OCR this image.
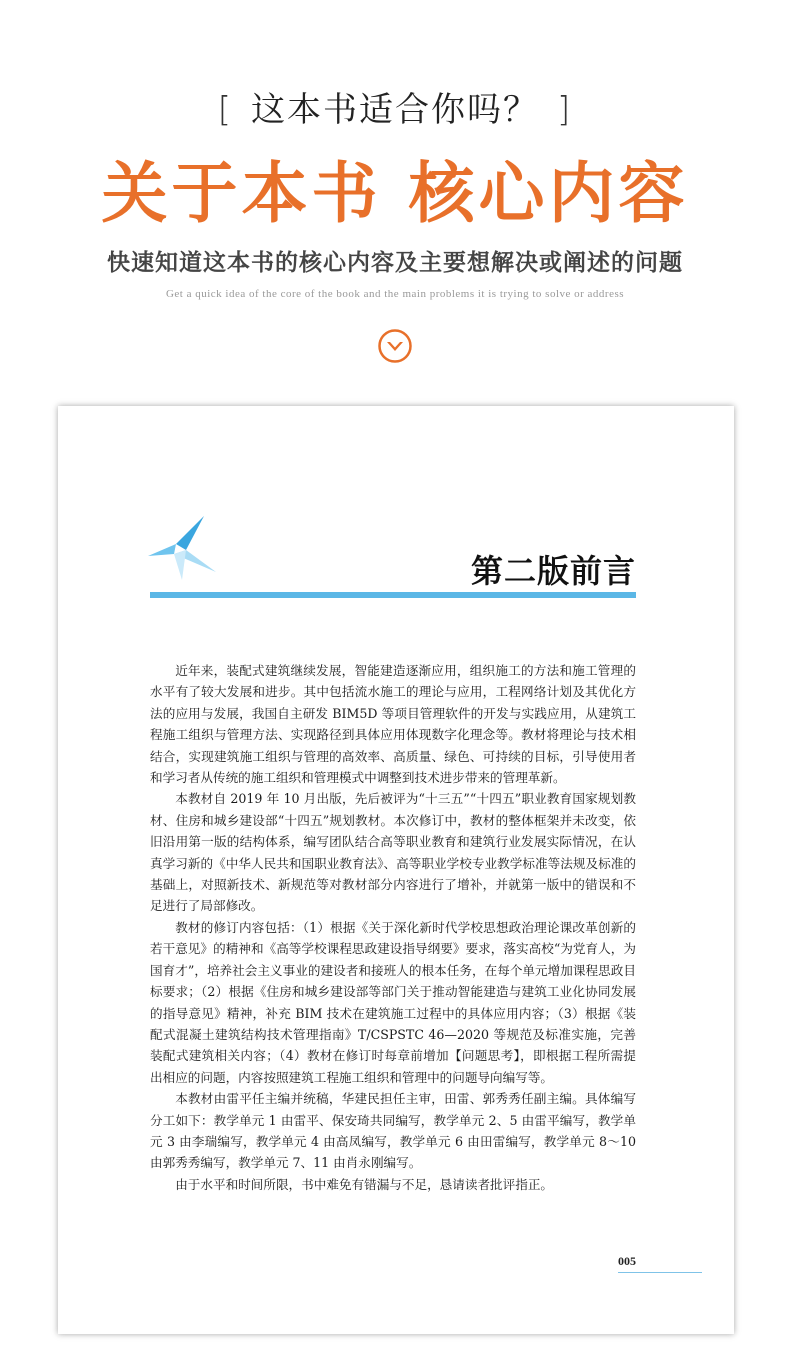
[ 这本书适合你吗？ ]
关于本书 核心内容
快速知道这本书的核心内容及主要想解决或阐述的问题
Get a quick idea of the core of the book and the main problems it is trying to solve or address
第二版前言

近年来，装配式建筑继续发展，智能建造逐渐应用，组织施工的方法和施工管理的水平有了较大发展和进步。其中包括流水施工的理论与应用，工程网络计划及其优化方法的应用与发展，我国自主研发 BIM5D 等项目管理软件的开发与实践应用，从建筑工程施工组织与管理方法、实现路径到具体应用体现数字化理念等。教材将理论与技术相结合，实现建筑施工组织与管理的高效率、高质量、绿色、可持续的目标，引导使用者和学习者从传统的施工组织和管理模式中调整到技术进步带来的管理革新。

本教材自 2019 年 10 月出版，先后被评为“十三五”“十四五”职业教育国家规划教材、住房和城乡建设部“十四五”规划教材。本次修订中，教材的整体框架并未改变，依旧沿用第一版的结构体系，编写团队结合高等职业教育和建筑行业发展实际情况，在认真学习新的《中华人民共和国职业教育法》、高等职业学校专业教学标准等法规及标准的基础上，对照新技术、新规范等对教材部分内容进行了增补，并就第一版中的错误和不足进行了局部修改。

教材的修订内容包括：（1）根据《关于深化新时代学校思想政治理论课改革创新的若干意见》的精神和《高等学校课程思政建设指导纲要》要求，落实高校“为党育人，为国育才”，培养社会主义事业的建设者和接班人的根本任务，在每个单元增加课程思政目标要求；（2）根据《住房和城乡建设部等部门关于推动智能建造与建筑工业化协同发展的指导意见》精神，补充 BIM 技术在建筑施工过程中的具体应用内容；（3）根据《装配式混凝土建筑结构技术管理指南》T/CSPSTC 46—2020 等规范及标准实施，完善装配式建筑相关内容；（4）教材在修订时每章前增加【问题思考】，即根据工程所需提出相应的问题，内容按照建筑工程施工组织和管理中的问题导向编写等。

本教材由雷平任主编并统稿，华建民担任主审，田雷、郭秀秀任副主编。具体编写分工如下：教学单元 1 由雷平、保安琦共同编写，教学单元 2、5 由雷平编写，教学单元 3 由李瑞编写，教学单元 4 由高凤编写，教学单元 6 由田雷编写，教学单元 8～10 由郭秀秀编写，教学单元 7、11 由肖永刚编写。

由于水平和时间所限，书中难免有错漏与不足，恳请读者批评指正。

005
